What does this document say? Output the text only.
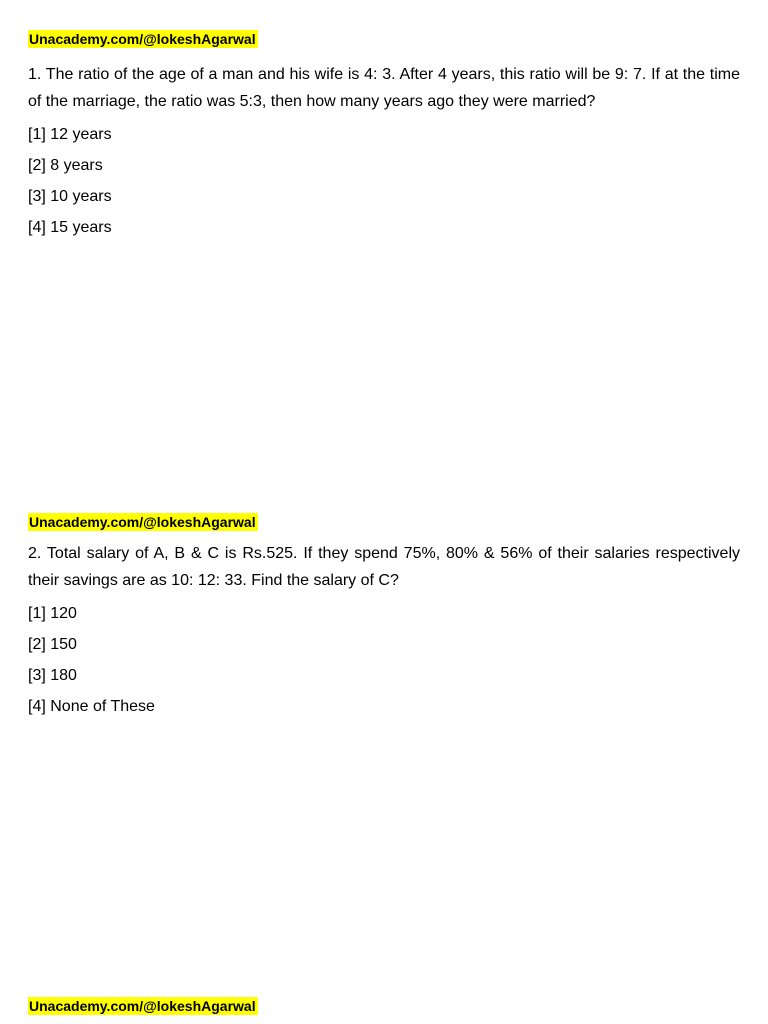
Unacademy.com/@lokeshAgarwal

1. The ratio of the age of a man and his wife is 4: 3. After 4 years, this ratio will be 9: 7. If at the time of the marriage, the ratio was 5:3, then how many years ago they were married?

[1] 12 years
[2] 8 years
[3] 10 years
[4] 15 years
Unacademy.com/@lokeshAgarwal

2. Total salary of A, B & C is Rs.525. If they spend 75%, 80% & 56% of their salaries respectively their savings are as 10: 12: 33. Find the salary of C?

[1] 120
[2] 150
[3] 180
[4] None of These
Unacademy.com/@lokeshAgarwal
